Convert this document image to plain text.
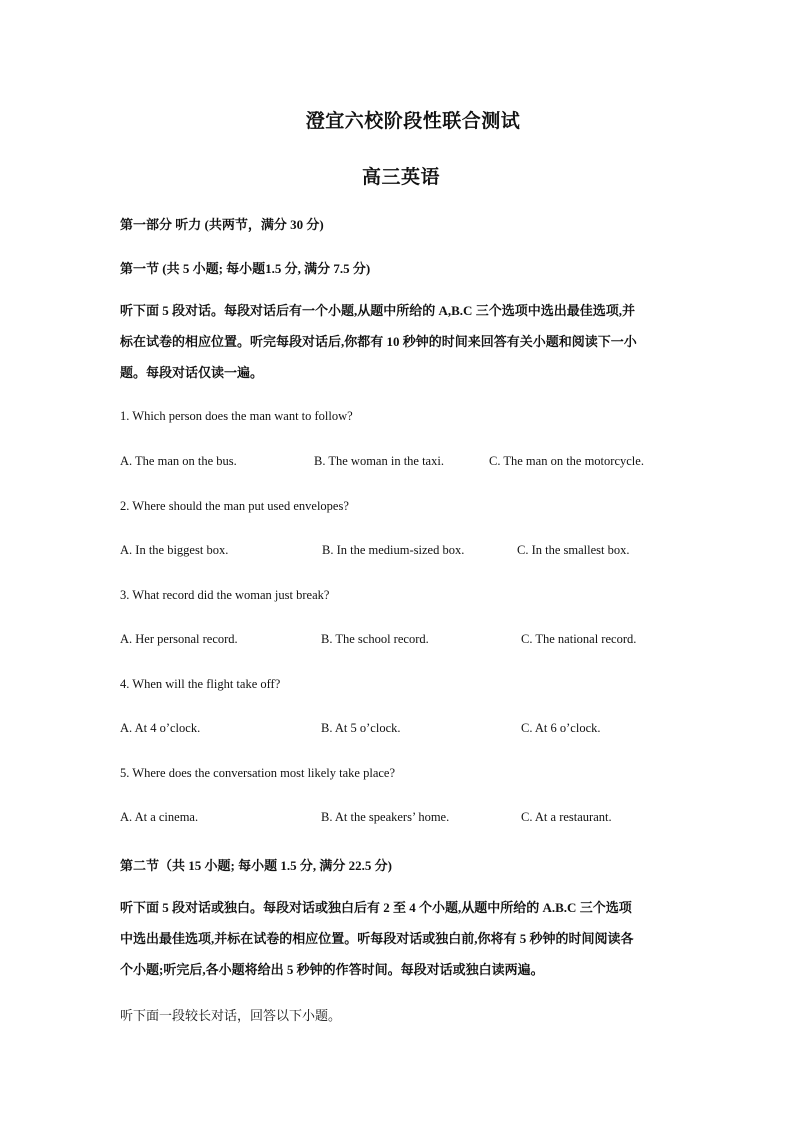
澄宜六校阶段性联合测试
高三英语
第一部分 听力 (共两节，满分 30 分)
第一节 (共 5 小题; 每小题1.5 分, 满分 7.5 分)
听下面 5 段对话。每段对话后有一个小题,从题中所给的 A,B.C 三个选项中选出最佳选项,并
标在试卷的相应位置。听完每段对话后,你都有 10 秒钟的时间来回答有关小题和阅读下一小
题。每段对话仅读一遍。
1. Which person does the man want to follow?
A. The man on the bus.	B. The woman in the taxi.	C. The man on the motorcycle.
2. Where should the man put used envelopes?
A. In the biggest box.	B. In the medium-sized box.	C. In the smallest box.
3. What record did the woman just break?
A. Her personal record.	B. The school record.	C. The national record.
4. When will the flight take off?
A. At 4 o’clock.	B. At 5 o’clock.	C. At 6 o’clock.
5. Where does the conversation most likely take place?
A. At a cinema.	B. At the speakers’ home.	C. At a restaurant.
第二节（共 15 小题; 每小题 1.5 分, 满分 22.5 分)
听下面 5 段对话或独白。每段对话或独白后有 2 至 4 个小题,从题中所给的 A.B.C 三个选项
中选出最佳选项,并标在试卷的相应位置。听每段对话或独白前,你将有 5 秒钟的时间阅读各
个小题;听完后,各小题将给出 5 秒钟的作答时间。每段对话或独白读两遍。
听下面一段较长对话，回答以下小题。
